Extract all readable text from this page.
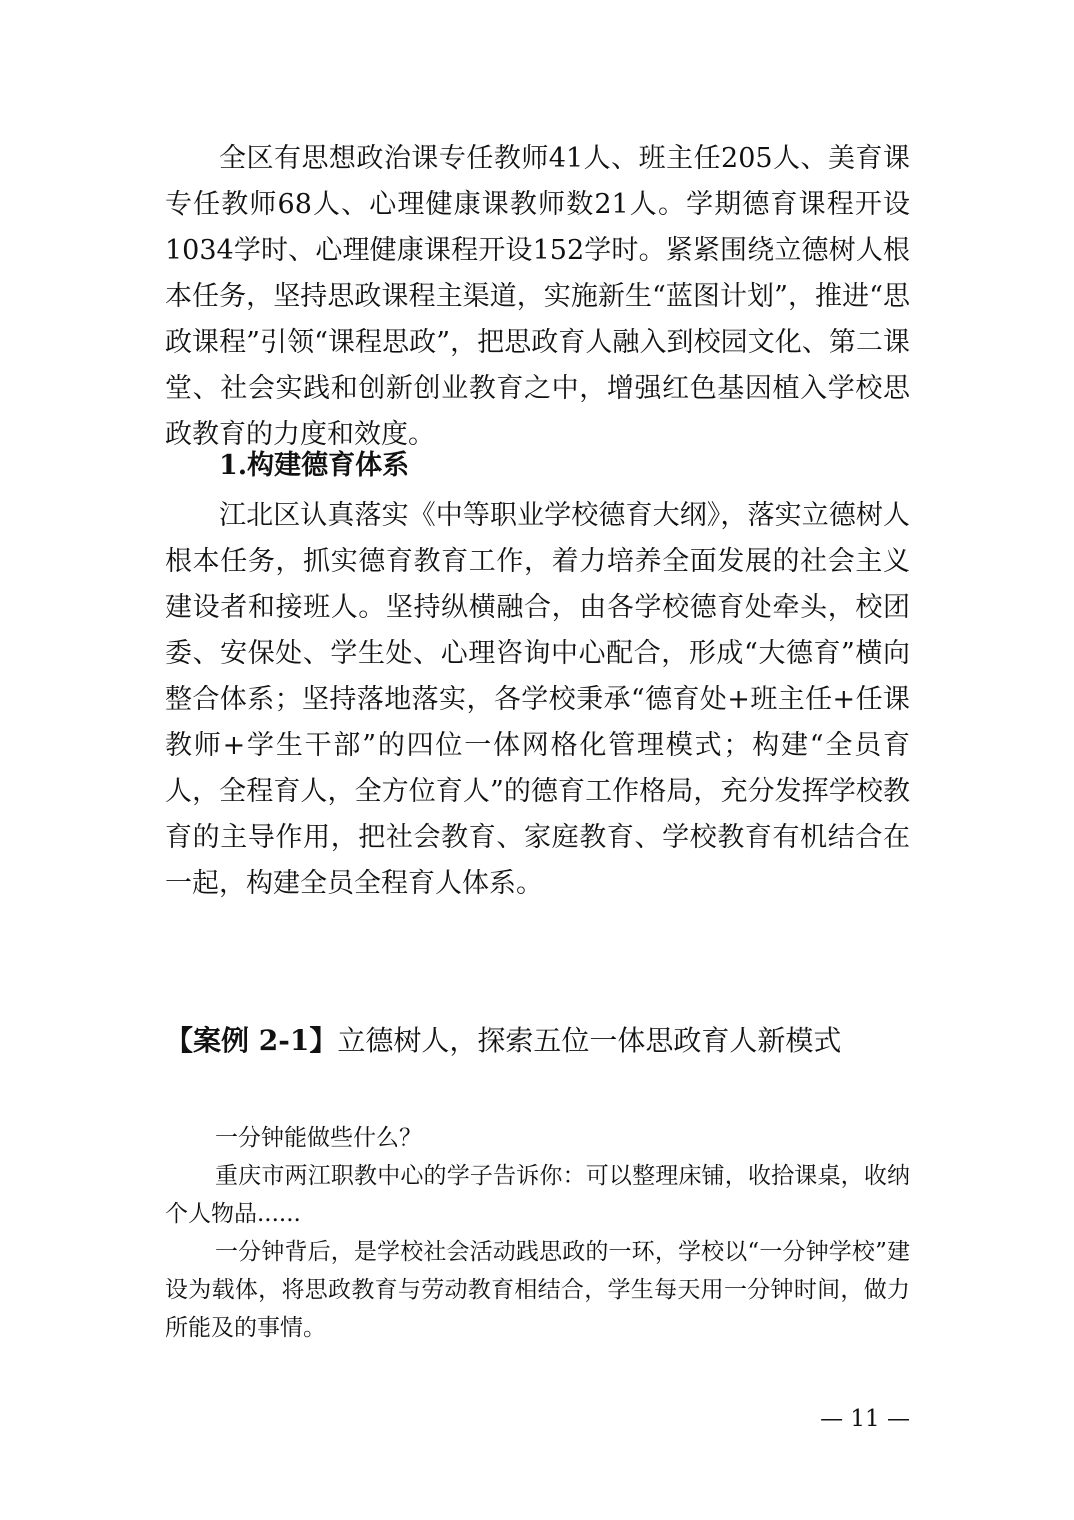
全区有思想政治课专任教师41人、班主任205人、美育课专任教师68人、心理健康课教师数21人。学期德育课程开设1034学时、心理健康课程开设152学时。紧紧围绕立德树人根本任务，坚持思政课程主渠道，实施新生“蓝图计划”，推进“思政课程”引领“课程思政”，把思政育人融入到校园文化、第二课堂、社会实践和创新创业教育之中，增强红色基因植入学校思政教育的力度和效度。

1.构建德育体系

江北区认真落实《中等职业学校德育大纲》，落实立德树人根本任务，抓实德育教育工作，着力培养全面发展的社会主义建设者和接班人。坚持纵横融合，由各学校德育处牵头，校团委、安保处、学生处、心理咨询中心配合，形成“大德育”横向整合体系；坚持落地落实，各学校秉承“德育处+班主任+任课教师+学生干部”的四位一体网格化管理模式；构建“全员育人，全程育人，全方位育人”的德育工作格局，充分发挥学校教育的主导作用，把社会教育、家庭教育、学校教育有机结合在一起，构建全员全程育人体系。

【案例 2-1】立德树人，探索五位一体思政育人新模式

一分钟能做些什么？

重庆市两江职教中心的学子告诉你：可以整理床铺，收拾课桌，收纳个人物品......

一分钟背后，是学校社会活动践思政的一环，学校以“一分钟学校”建设为载体，将思政教育与劳动教育相结合，学生每天用一分钟时间，做力所能及的事情。

— 11 —
